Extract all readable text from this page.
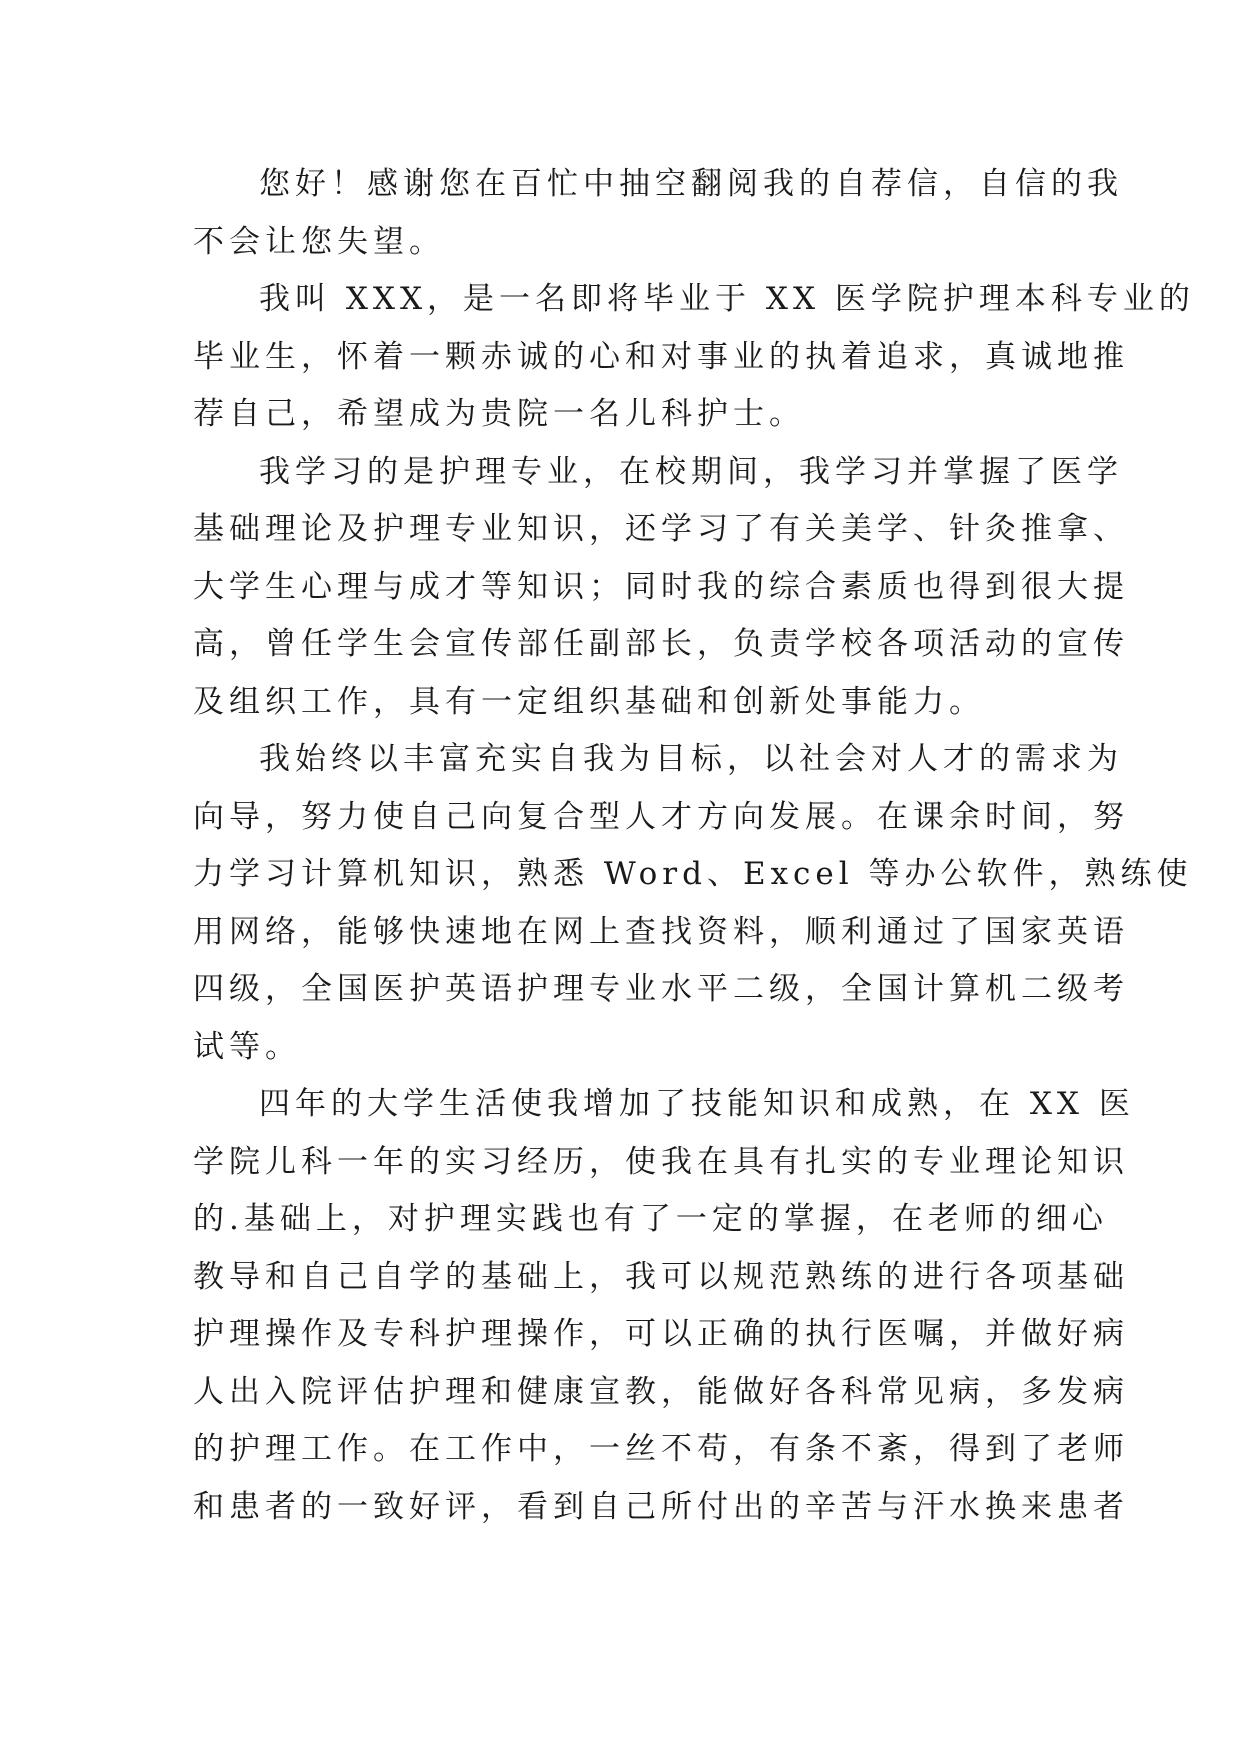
您好！感谢您在百忙中抽空翻阅我的自荐信，自信的我
不会让您失望。
我叫 XXX，是一名即将毕业于 XX 医学院护理本科专业的
毕业生，怀着一颗赤诚的心和对事业的执着追求，真诚地推
荐自己，希望成为贵院一名儿科护士。
我学习的是护理专业，在校期间，我学习并掌握了医学
基础理论及护理专业知识，还学习了有关美学、针灸推拿、
大学生心理与成才等知识；同时我的综合素质也得到很大提
高，曾任学生会宣传部任副部长，负责学校各项活动的宣传
及组织工作，具有一定组织基础和创新处事能力。
我始终以丰富充实自我为目标，以社会对人才的需求为
向导，努力使自己向复合型人才方向发展。在课余时间，努
力学习计算机知识，熟悉 Word、Excel 等办公软件，熟练使
用网络，能够快速地在网上查找资料，顺利通过了国家英语
四级，全国医护英语护理专业水平二级，全国计算机二级考
试等。
四年的大学生活使我增加了技能知识和成熟，在 XX 医
学院儿科一年的实习经历，使我在具有扎实的专业理论知识
的.基础上，对护理实践也有了一定的掌握，在老师的细心
教导和自己自学的基础上，我可以规范熟练的进行各项基础
护理操作及专科护理操作，可以正确的执行医嘱，并做好病
人出入院评估护理和健康宣教，能做好各科常见病，多发病
的护理工作。在工作中，一丝不苟，有条不紊，得到了老师
和患者的一致好评，看到自己所付出的辛苦与汗水换来患者
